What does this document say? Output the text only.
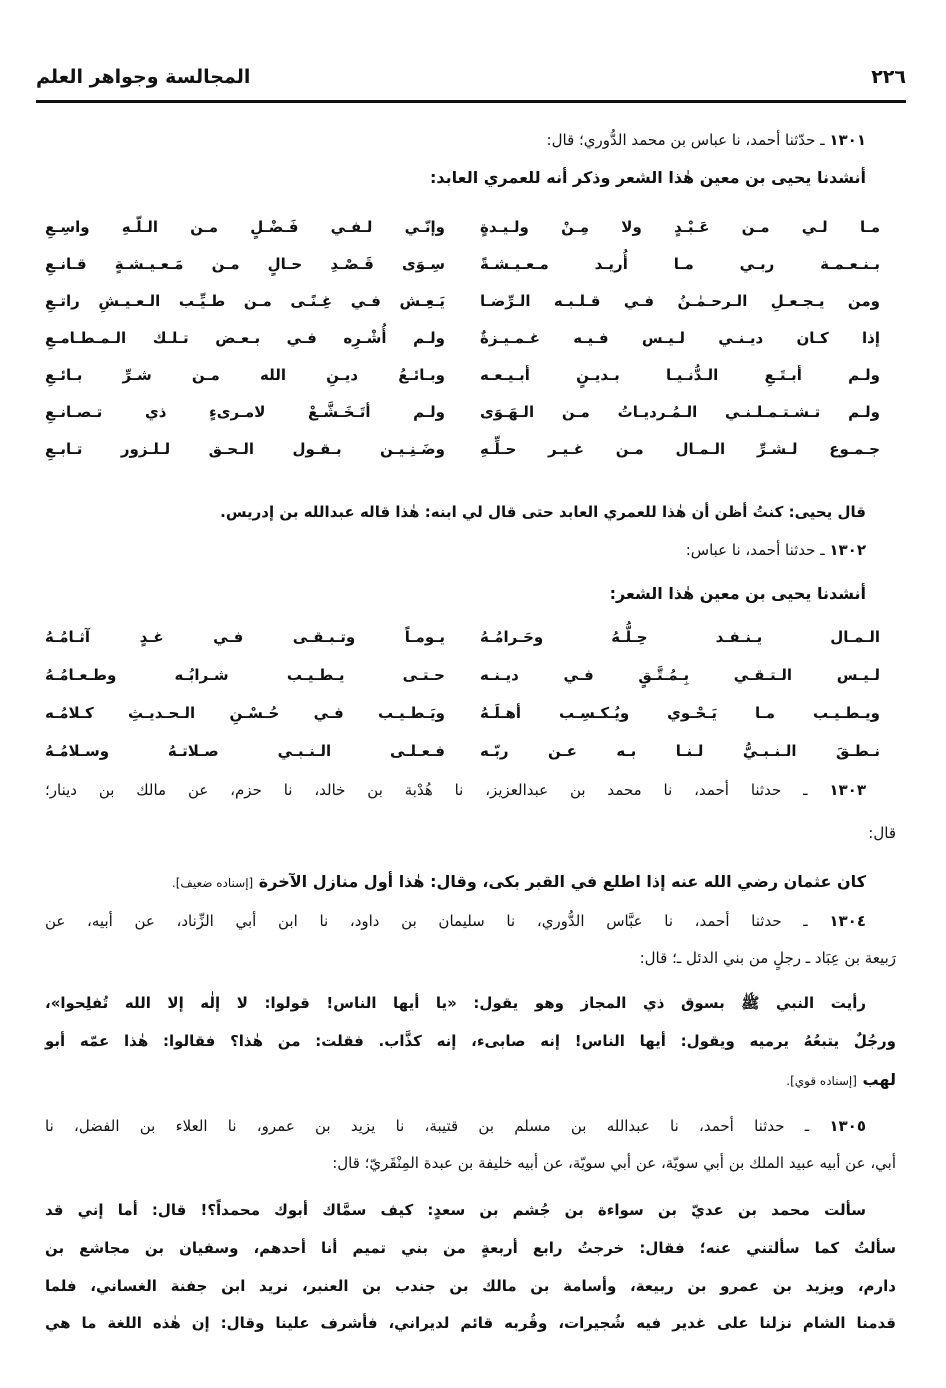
المجالسة وجواهر العلم	٢٢٦
١٣٠١ ـ حدّثنا أحمد، نا عباس بن محمد الدُّوري؛ قال:
أنشدنا يحيى بن معين هٰذا الشعر وذكر أنه للعمري العابد:
مـا لـي مـن عَـبْـدٍ ولا مِـنْ ولـيـدةٍ
وإنّـي لـفـي فَـضْـلٍ مـن الـلّـهِ واسِـعِ
بـنـعـمـة ربـي مـا أُريـد مـعـيـشـةً
سِـوَى قَـصْـدِ حـالٍ مـن مَـعـيـشـةٍ قـانـعِ
ومن يـجـعـلِ الـرحـمٰـنُ فـي قـلـبـه الـرِّضـا
يَـعِـش فـي غِـنًـى مـن طـيِّـب الـعـيـشِ راتـعِ
إذا كـان ديـنـي لـيـس فـيـه غـمـيـزةٌ
ولـم أُشْـرِه فـي بـعـض تـلـك الـمـطـامـعِ
ولـم أبـتَـعِ الـدُّنـيـا بـديـنٍ أبـيـعـه
وبـائـعُ ديـنِ الله مـن شـرِّ بـائـعِ
ولـم تـشـتـمـلـنـي الـمُـرديـاتُ مـن الـهَـوَى
ولـم أتَـخَـشَّـعْ لامـرىءٍ ذي تـصـانـعِ
جـمـوع لـشـرِّ الـمـال مـن غـيـر حـلِّـهِ
وضَـنِـيـن بـقـول الـحـق لـلـزور تـابـعِ
قال يحيى: كنتُ أظن أن هٰذا للعمري العابد حتى قال لي ابنه: هٰذا قاله عبدالله بن إدريس.
١٣٠٢ ـ حدثنا أحمد، نا عباس:
أنشدنا يحيى بن معين هٰذا الشعر:
الـمـال يـنـفـد حِـلُّـهُ وحَـرامُـهُ
يـومـاً وتـبـقـى فـي غـدٍ آثـامُـهُ
لـيـس الـتـقـي بِـمُـتَّـقٍ فـي ديـنـه
حـتـى يـطـيـب شـرابُـه وطـعـامُـهُ
ويـطـيـب مـا يَـحْـوي ويُـكـسِـب أهـلَـهُ
ويَـطـيـب فـي حُـسْـنِ الـحـديـثِ كـلامُـه
نـطـقَ الـنـبـيُّ لـنـا بـه عـن ربّـه
فـعـلـى الـنـبـي صـلاتـهُ وسـلامُـهُ
١٣٠٣ ـ حدثنا أحمد، نا محمد بن عبدالعزيز، نا هُدْبة بن خالد، نا حزم، عن مالك بن دينار؛
قال:
كان عثمان رضي الله عنه إذا اطلع في القبر بكى، وقال: هٰذا أول منازل الآخرة [إسناده ضعيف].
١٣٠٤ ـ حدثنا أحمد، نا عبَّاس الدُّوري، نا سليمان بن داود، نا ابن أبي الزِّناد، عن أبيه، عن
رَبيعة بن عِبَاد ـ رجلٍ من بني الدئل ـ؛ قال:
رأيت النبي ﷺ بسوق ذي المجاز وهو يقول: «يا أيها الناس! قولوا: لا إلٰه إلا الله تُفلِحوا»،
ورجُلٌ يتبعُهُ يرميه ويقول: أيها الناس! إنه صابىء، إنه كذَّاب. فقلت: من هٰذا؟ فقالوا: هٰذا عمّه أبو
لهب [إسناده قوي].
١٣٠٥ ـ حدثنا أحمد، نا عبدالله بن مسلم بن قتيبة، نا يزيد بن عمرو، نا العلاء بن الفضل، نا
أبي، عن أبيه عبيد الملك بن أبي سويّة، عن أبي سويّة، عن أبيه خليفة بن عبدة المِنْقَريّ؛ قال:
سألت محمد بن عديّ بن سواءة بن جُشم بن سعدٍ: كيف سمَّاك أبوك محمداً؟! قال: أما إني قد
سألتُ كما سألتني عنه؛ فقال: خرجتُ رابع أربعةٍ من بني تميم أنا أحدهم، وسفيان بن مجاشع بن
دارم، ويزيد بن عمرو بن ربيعة، وأسامة بن مالك بن جندب بن العنبر، نريد ابن جفنة الغساني، فلما
قدمنا الشام نزلنا على غدير فيه شُجيرات، وقُربه قائم لديراني، فأشرف علينا وقال: إن هٰذه اللغة ما هي
